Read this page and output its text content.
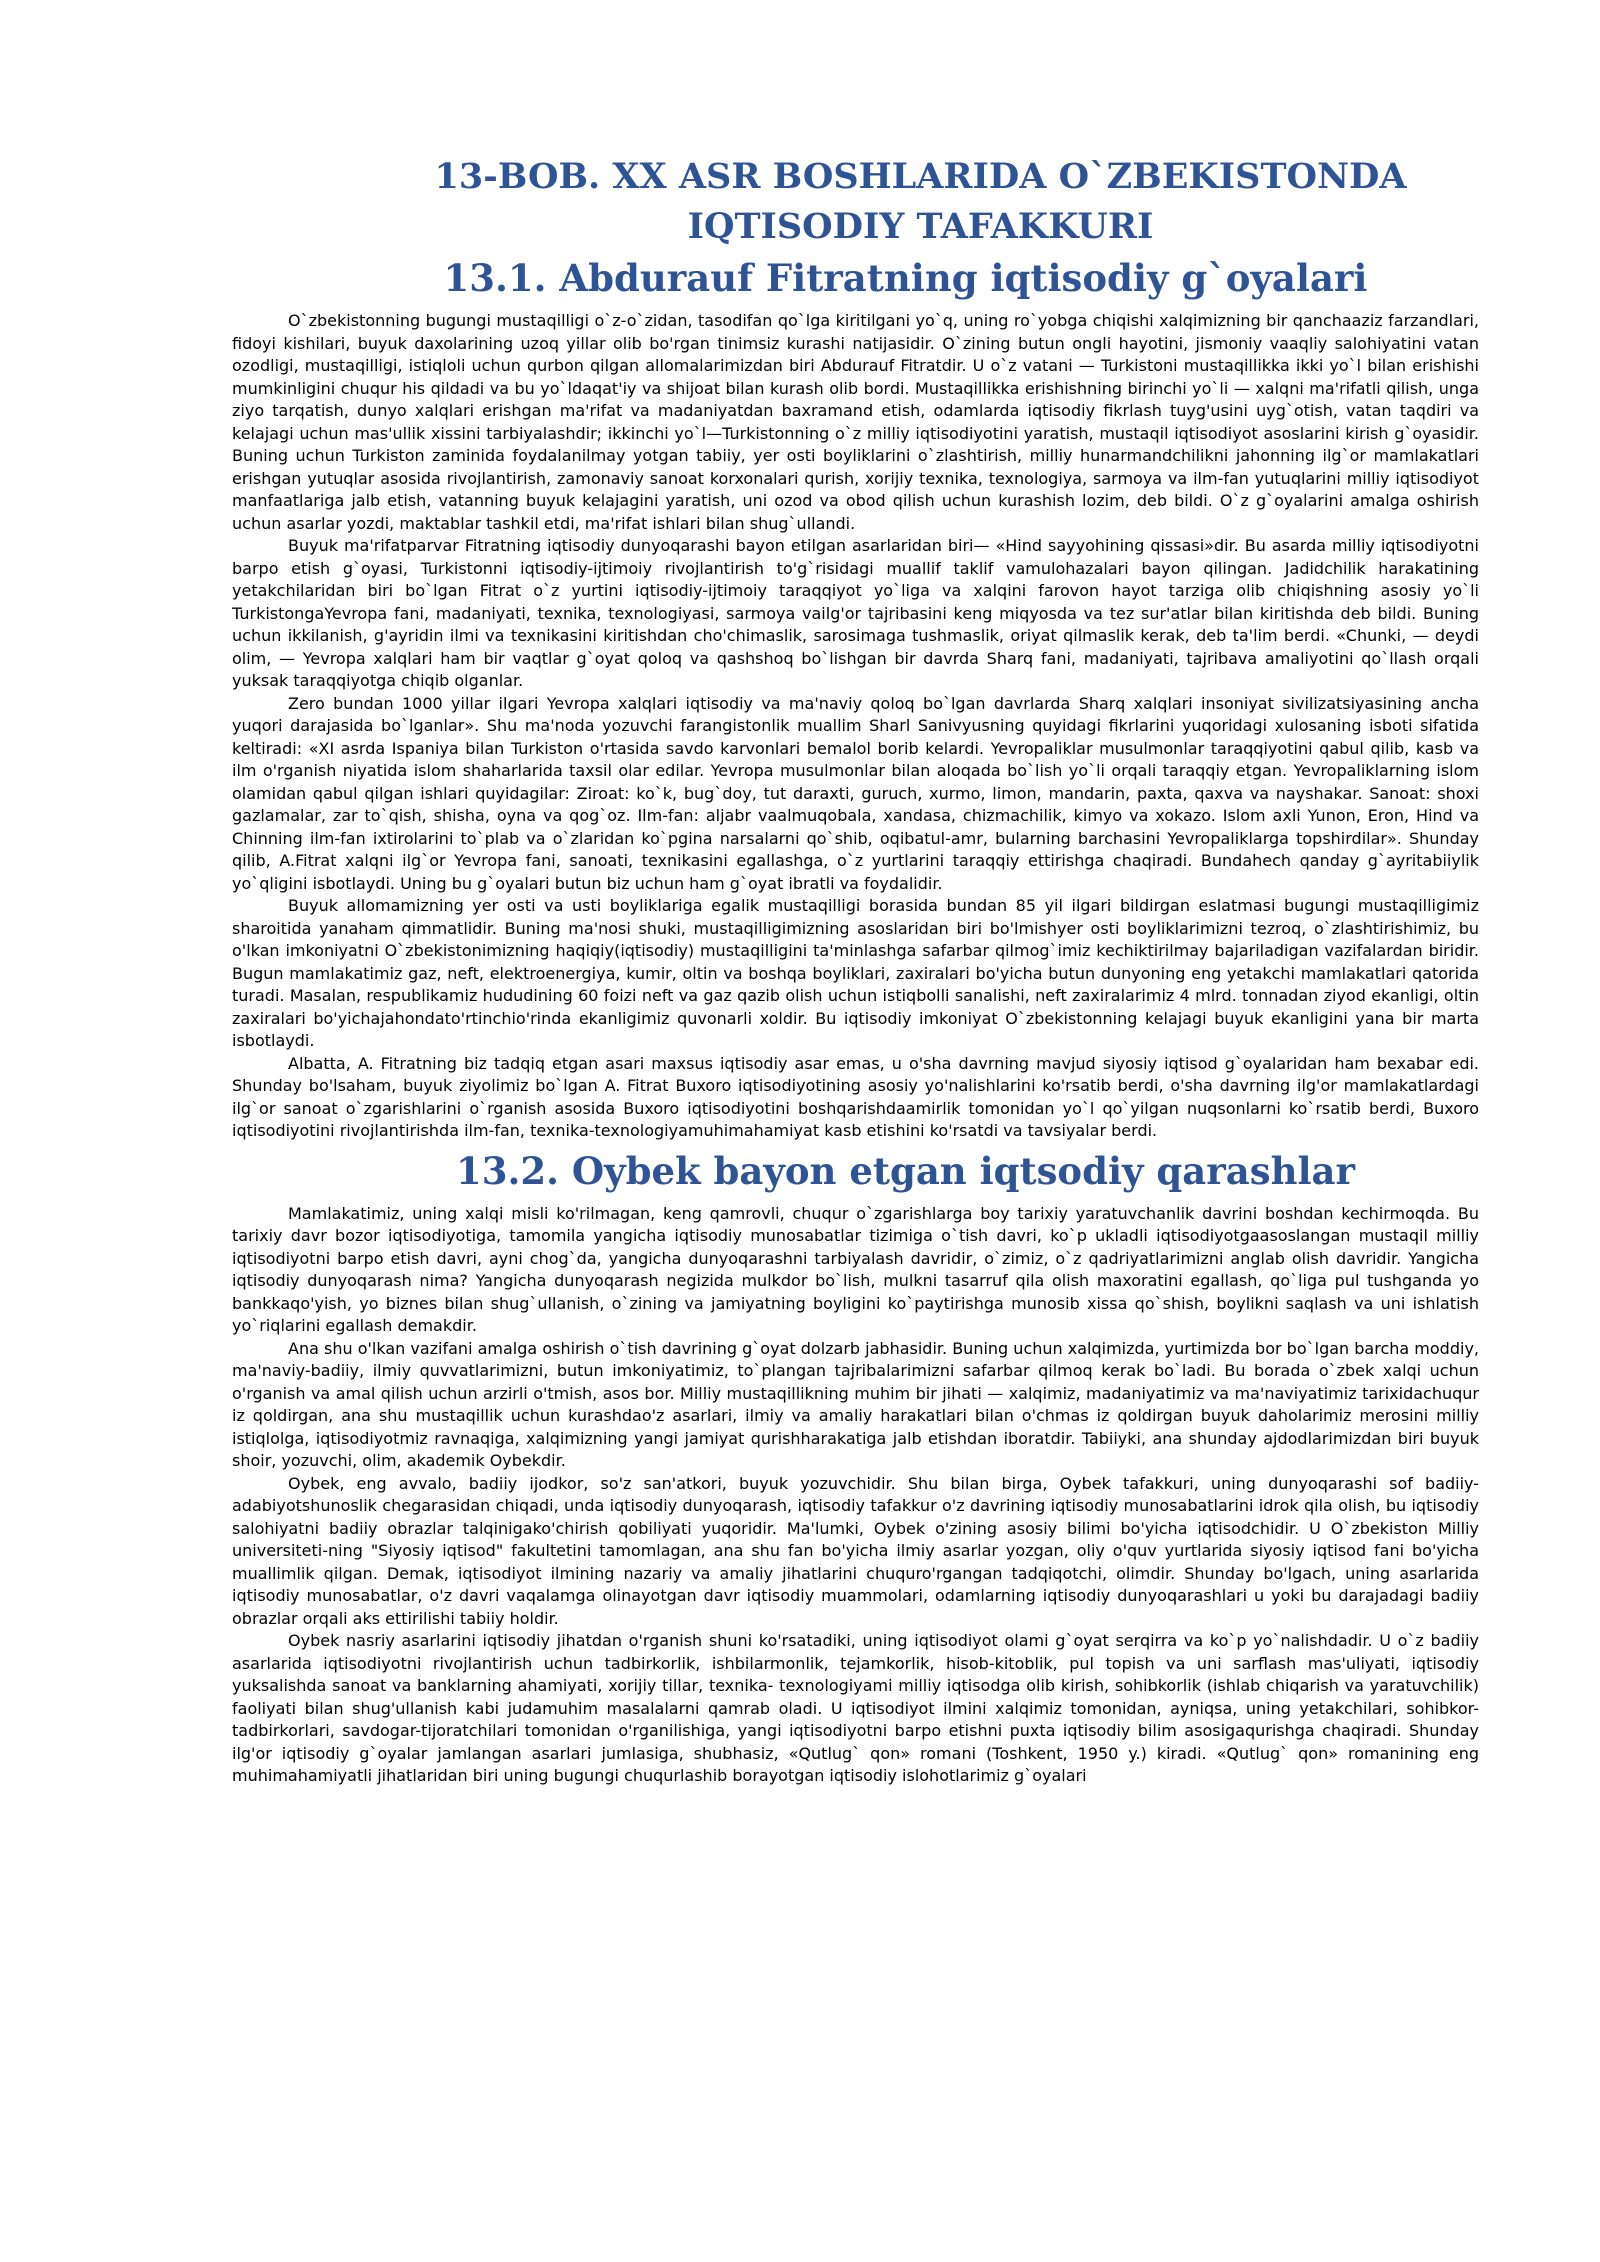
13-BOB. XX ASR BOSHLARIDA O`ZBEKISTONDA IQTISODIY TAFAKKURI
13.1. Abdurauf Fitratning iqtisodiy g`oyalari

O`zbekistonning bugungi mustaqilligi o`z-o`zidan, tasodifan qo`lga kiritilgani yo`q, uning ro`yobga chiqishi xalqimizning bir qanchaaziz farzandlari, fidoyi kishilari, buyuk daxolarining uzoq yillar olib bo'rgan tinimsiz kurashi natijasidir. O`zining butun ongli hayotini, jismoniy vaaqliy salohiyatini vatan ozodligi, mustaqilligi, istiqloli uchun qurbon qilgan allomalarimizdan biri Abdurauf Fitratdir. U o`z vatani — Turkistoni mustaqillikka ikki yo`l bilan erishishi mumkinligini chuqur his qildadi va bu yo`ldaqat'iy va shijoat bilan kurash olib bordi. Mustaqillikka erishishning birinchi yo`li — xalqni ma'rifatli qilish, unga ziyo tarqatish, dunyo xalqlari erishgan ma'rifat va madaniyatdan baxramand etish, odamlarda iqtisodiy fikrlash tuyg'usini uyg`otish, vatan taqdiri va kelajagi uchun mas'ullik xissini tarbiyalashdir; ikkinchi yo`l—Turkistonning o`z milliy iqtisodiyotini yaratish, mustaqil iqtisodiyot asoslarini kirish g`oyasidir. Buning uchun Turkiston zaminida foydalanilmay yotgan tabiiy, yer osti boyliklarini o`zlashtirish, milliy hunarmandchilikni jahonning ilg`or mamlakatlari erishgan yutuqlar asosida rivojlantirish, zamonaviy sanoat korxonalari qurish, xorijiy texnika, texnologiya, sarmoya va ilm-fan yutuqlarini milliy iqtisodiyot manfaatlariga jalb etish, vatanning buyuk kelajagini yaratish, uni ozod va obod qilish uchun kurashish lozim, deb bildi. O`z g`oyalarini amalga oshirish uchun asarlar yozdi, maktablar tashkil etdi, ma'rifat ishlari bilan shug`ullandi.

Buyuk ma'rifatparvar Fitratning iqtisodiy dunyoqarashi bayon etilgan asarlaridan biri— «Hind sayyohining qissasi»dir. Bu asarda milliy iqtisodiyotni barpo etish g`oyasi, Turkistonni iqtisodiy-ijtimoiy rivojlantirish to'g`risidagi muallif taklif vamulohazalari bayon qilingan. Jadidchilik harakatining yetakchilaridan biri bo`lgan Fitrat o`z yurtini iqtisodiy-ijtimoiy taraqqiyot yo`liga va xalqini farovon hayot tarziga olib chiqishning asosiy yo`li TurkistongaYevropa fani, madaniyati, texnika, texnologiyasi, sarmoya vailg'or tajribasini keng miqyosda va tez sur'atlar bilan kiritishda deb bildi. Buning uchun ikkilanish, g'ayridin ilmi va texnikasini kiritishdan cho'chimaslik, sarosimaga tushmaslik, oriyat qilmaslik kerak, deb ta'lim berdi. «Chunki, — deydi olim, — Yevropa xalqlari ham bir vaqtlar g`oyat qoloq va qashshoq bo`lishgan bir davrda Sharq fani, madaniyati, tajribava amaliyotini qo`llash orqali yuksak taraqqiyotga chiqib olganlar.

Zero bundan 1000 yillar ilgari Yevropa xalqlari iqtisodiy va ma'naviy qoloq bo`lgan davrlarda Sharq xalqlari insoniyat sivilizatsiyasining ancha yuqori darajasida bo`lganlar». Shu ma'noda yozuvchi farangistonlik muallim Sharl Sanivyusning quyidagi fikrlarini yuqoridagi xulosaning isboti sifatida keltiradi: «XI asrda Ispaniya bilan Turkiston o'rtasida savdo karvonlari bemalol borib kelardi. Yevropaliklar musulmonlar taraqqiyotini qabul qilib, kasb va ilm o'rganish niyatida islom shaharlarida taxsil olar edilar. Yevropa musulmonlar bilan aloqada bo`lish yo`li orqali taraqqiy etgan. Yevropaliklarning islom olamidan qabul qilgan ishlari quyidagilar: Ziroat: ko`k, bug`doy, tut daraxti, guruch, xurmo, limon, mandarin, paxta, qaxva va nayshakar. Sanoat: shoxi gazlamalar, zar to`qish, shisha, oyna va qog`oz. Ilm-fan: aljabr vaalmuqobala, xandasa, chizmachilik, kimyo va xokazo. Islom axli Yunon, Eron, Hind va Chinning ilm-fan ixtirolarini to`plab va o`zlaridan ko`pgina narsalarni qo`shib, oqibatul-amr, bularning barchasini Yevropaliklarga topshirdilar». Shunday qilib, A.Fitrat xalqni ilg`or Yevropa fani, sanoati, texnikasini egallashga, o`z yurtlarini taraqqiy ettirishga chaqiradi. Bundahech qanday g`ayritabiiylik yo`qligini isbotlaydi. Uning bu g`oyalari butun biz uchun ham g`oyat ibratli va foydalidir.

Buyuk allomamizning yer osti va usti boyliklariga egalik mustaqilligi borasida bundan 85 yil ilgari bildirgan eslatmasi bugungi mustaqilligimiz sharoitida yanaham qimmatlidir. Buning ma'nosi shuki, mustaqilligimizning asoslaridan biri bo'lmishyer osti boyliklarimizni tezroq, o`zlashtirishimiz, bu o'lkan imkoniyatni O`zbekistonimizning haqiqiy(iqtisodiy) mustaqilligini ta'minlashga safarbar qilmog`imiz kechiktirilmay bajariladigan vazifalardan biridir. Bugun mamlakatimiz gaz, neft, elektroenergiya, kumir, oltin va boshqa boyliklari, zaxiralari bo'yicha butun dunyoning eng yetakchi mamlakatlari qatorida turadi. Masalan, respublikamiz hududining 60 foizi neft va gaz qazib olish uchun istiqbolli sanalishi, neft zaxiralarimiz 4 mlrd. tonnadan ziyod ekanligi, oltin zaxiralari bo'yichajahondato'rtinchio'rinda ekanligimiz quvonarli xoldir. Bu iqtisodiy imkoniyat O`zbekistonning kelajagi buyuk ekanligini yana bir marta isbotlaydi.

Albatta, A. Fitratning biz tadqiq etgan asari maxsus iqtisodiy asar emas, u o'sha davrning mavjud siyosiy iqtisod g`oyalaridan ham bexabar edi. Shunday bo'lsaham, buyuk ziyolimiz bo`lgan A. Fitrat Buxoro iqtisodiyotining asosiy yo'nalishlarini ko'rsatib berdi, o'sha davrning ilg'or mamlakatlardagi ilg`or sanoat o`zgarishlarini o`rganish asosida Buxoro iqtisodiyotini boshqarishdaamirlik tomonidan yo`l qo`yilgan nuqsonlarni ko`rsatib berdi, Buxoro iqtisodiyotini rivojlantirishda ilm-fan, texnika-texnologiyamuhimahamiyat kasb etishini ko'rsatdi va tavsiyalar berdi.

13.2. Oybek bayon etgan iqtsodiy qarashlar

Mamlakatimiz, uning xalqi misli ko'rilmagan, keng qamrovli, chuqur o`zgarishlarga boy tarixiy yaratuvchanlik davrini boshdan kechirmoqda. Bu tarixiy davr bozor iqtisodiyotiga, tamomila yangicha iqtisodiy munosabatlar tizimiga o`tish davri, ko`p ukladli iqtisodiyotgaasoslangan mustaqil milliy iqtisodiyotni barpo etish davri, ayni chog`da, yangicha dunyoqarashni tarbiyalash davridir, o`zimiz, o`z qadriyatlarimizni anglab olish davridir. Yangicha iqtisodiy dunyoqarash nima? Yangicha dunyoqarash negizida mulkdor bo`lish, mulkni tasarruf qila olish maxoratini egallash, qo`liga pul tushganda yo bankkaqo'yish, yo biznes bilan shug`ullanish, o`zining va jamiyatning boyligini ko`paytirishga munosib xissa qo`shish, boylikni saqlash va uni ishlatish yo`riqlarini egallash demakdir.

Ana shu o'lkan vazifani amalga oshirish o`tish davrining g`oyat dolzarb jabhasidir. Buning uchun xalqimizda, yurtimizda bor bo`lgan barcha moddiy, ma'naviy-badiiy, ilmiy quvvatlarimizni, butun imkoniyatimiz, to`plangan tajribalarimizni safarbar qilmoq kerak bo`ladi. Bu borada o`zbek xalqi uchun o'rganish va amal qilish uchun arzirli o'tmish, asos bor. Milliy mustaqillikning muhim bir jihati — xalqimiz, madaniyatimiz va ma'naviyatimiz tarixidachuqur iz qoldirgan, ana shu mustaqillik uchun kurashdao'z asarlari, ilmiy va amaliy harakatlari bilan o'chmas iz qoldirgan buyuk daholarimiz merosini milliy istiqlolga, iqtisodiyotmiz ravnaqiga, xalqimizning yangi jamiyat qurishharakatiga jalb etishdan iboratdir. Tabiiyki, ana shunday ajdodlarimizdan biri buyuk shoir, yozuvchi, olim, akademik Oybekdir.

Oybek, eng avvalo, badiiy ijodkor, so'z san'atkori, buyuk yozuvchidir. Shu bilan birga, Oybek tafakkuri, uning dunyoqarashi sof badiiy-adabiyotshunoslik chegarasidan chiqadi, unda iqtisodiy dunyoqarash, iqtisodiy tafakkur o'z davrining iqtisodiy munosabatlarini idrok qila olish, bu iqtisodiy salohiyatni badiiy obrazlar talqinigako'chirish qobiliyati yuqoridir. Ma'lumki, Oybek o'zining asosiy bilimi bo'yicha iqtisodchidir. U O`zbekiston Milliy universiteti-ning "Siyosiy iqtisod" fakultetini tamomlagan, ana shu fan bo'yicha ilmiy asarlar yozgan, oliy o'quv yurtlarida siyosiy iqtisod fani bo'yicha muallimlik qilgan. Demak, iqtisodiyot ilmining nazariy va amaliy jihatlarini chuquro'rgangan tadqiqotchi, olimdir. Shunday bo'lgach, uning asarlarida iqtisodiy munosabatlar, o'z davri vaqalamga olinayotgan davr iqtisodiy muammolari, odamlarning iqtisodiy dunyoqarashlari u yoki bu darajadagi badiiy obrazlar orqali aks ettirilishi tabiiy holdir.

Oybek nasriy asarlarini iqtisodiy jihatdan o'rganish shuni ko'rsatadiki, uning iqtisodiyot olami g`oyat serqirra va ko`p yo`nalishdadir. U o`z badiiy asarlarida iqtisodiyotni rivojlantirish uchun tadbirkorlik, ishbilarmonlik, tejamkorlik, hisob-kitoblik, pul topish va uni sarflash mas'uliyati, iqtisodiy yuksalishda sanoat va banklarning ahamiyati, xorijiy tillar, texnika- texnologiyami milliy iqtisodga olib kirish, sohibkorlik (ishlab chiqarish va yaratuvchilik) faoliyati bilan shug'ullanish kabi judamuhim masalalarni qamrab oladi. U iqtisodiyot ilmini xalqimiz tomonidan, ayniqsa, uning yetakchilari, sohibkor-tadbirkorlari, savdogar-tijoratchilari tomonidan o'rganilishiga, yangi iqtisodiyotni barpo etishni puxta iqtisodiy bilim asosigaqurishga chaqiradi. Shunday ilg'or iqtisodiy g`oyalar jamlangan asarlari jumlasiga, shubhasiz, «Qutlug` qon» romani (Toshkent, 1950 y.) kiradi. «Qutlug` qon» romanining eng muhimahamiyatli jihatlaridan biri uning bugungi chuqurlashib borayotgan iqtisodiy islohotlarimiz g`oyalari
